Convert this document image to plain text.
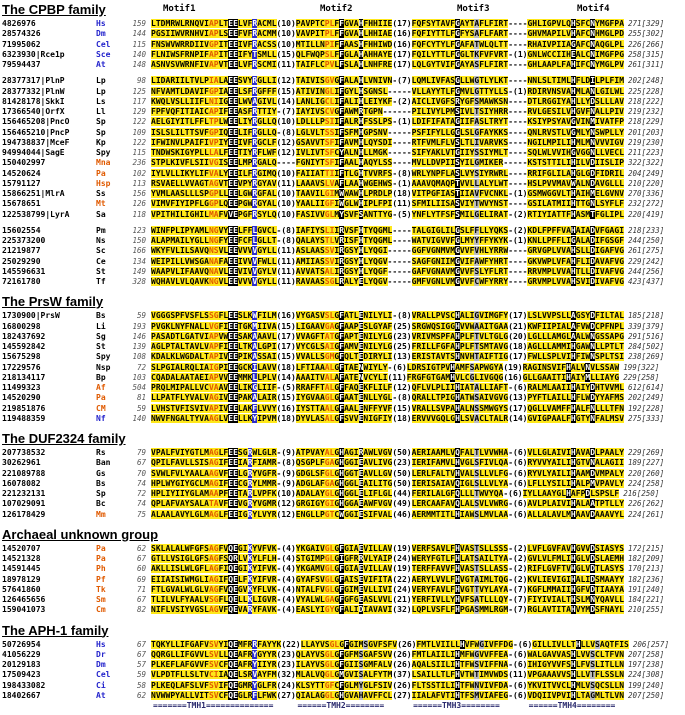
Motif1	Motif2	Motif3	Motif4
The CPBP family
4826976	Hs	159 LTDMRWLRNQVIAPLTEELVFRACML(10)PAVPTCPLFFGVAHFHHIIE(17)FQFSYTAVFGAYTAFLFIRT----GHLIGPVLQHSFCNYMGFPA 271[329]
28574326	Dm	144 PGSIIWVRNHVIAPLSEEFVFRACMM(10)VAVPITPLFFGVAHLHHIAE(16)FQFIYTTLFGFYSAFLFART----GHVMAPILVHAFCNHMGLPD 255[302]
71995062	Cel	115 FNSWVWRRDIIVGPITEEIVFRACSS(10)MTILLNPIFFAASHFHHIWD(16)FQFCYTYLFGAFATWLQLTT----RHAIVPIIAGAFCNAQGLPL 226[266]
6323930|Rce1p	Sce	140 FLNIWSFRNPIFAPITEEIFYTSMLL(15)QLFWQPSLFFGLAHAHHAYE(17)FQILYTTLFGGLTKFVFVRT-(1)GNLWCCIIHEALCNIMGFPG 258[315]
79594437	At	148 ASNVSVWRNFIVAPVTEELVFRSCMI(11)TAIFLCPVLFSLAHLNHFRE(17)LQLGYTVIFGAYASFLFIRT----GHLAAPLFAHIFCNYMGLPV 261[311]
28377317|PlnP	Lp	98 LIDARIILTVLPIALAEESVYRGLLI(12)TAIVISGVGFALAHLVNIVN-(7)LQMLIVFASGLLWGTLYLKT----NNLSLTIMLHFLDILPLFIM 202[248]
28377332|PlnW	Lp	125 NFVAMTLDAVIFGPIAEELSFRGFFF(15)ATIVINGLIFGYLHSGNSL-----VLLAYYTLFGMVLGTTYLLS-(1)RDIRVNSVAHMLANLGILWL 225[228]
81428178|SkkI	Ls	117 KWQLVSLLIIFLNIIGEELWVAGIVL(14)LANLIGCLIFALIHLEIYKF-(2)AICLIVGFSRYGFSMAWKSN----DTLRGGIYAHLLYDSLLLAV 218[222]
17366540|OrfX	Ll	129 FPFVQFITIAICAPIFEEASFRTTIY-(7)IAYIVSCVGFAWMRTGPN------PILIVYLPMSIVLTSIYHRR----RVLGESILVHGVFNALLPIV 219[232]
156465208|PncO	Sp	122 AELGIYITLFFLTPLWEELIYRGLLQ(10)LDLLLPSIIFALRHFSSLPS-(1)LDIFIFATAGIIFASLTRYT----KSIYPSYAVGVINMIVATFP 218[229]
156465210|PncP	Sp	109 ISLSLILTTSVFGPIQEELIFRGLLQ-(8)LGLVLTSSIFSFMHGPSNV-----PSFIFYLLGGLSLGFAYKKS----QNLRVSTLVGMLYNSWPLLY 201[203]
194738837|MceF	Kp	122 IFWINVLPAIFIVPIYEEIVFRGCLF(12)GSAVVTSFIFAVMHLQYSDI----RTFVMLFLVSLTLIVARVKS----NGILMPILIHMLMNVVVIGV 219[230]
94994044|SagE	Spy	115 TNDWSKIGYPLLLALFEETIYRFLWF(12)IVLIVTSFCYALNHLLMGK-----SIFYAKLVTGIIYSSIYMLT----SQLWLVVIHGVGGNLLVECL 211[223]
150402997	Mna	236 STPLKIVFLSIIVGISEELMPRGALQ----FGNIYTSFIFAALHAQYLSS----MVLLDVPIISYILGMIKER-----KSTSTTILIHILVDIISLIP 322[322]
14520624	Pa	102 IYLVLLIKYLIFVALYEEILFRGIMQ(10)FAIIATTIIFTLGHTVVRFS-(8)WRLYNPFLASLVYSIYRWRL----RRIFGLILAHGLGDFIDRIL 204[249]
15791127	Hsp	113 RSVAELLVVAGTAGVTEEVPYRGYAV(11)LAAAVSLVAFLAAHWGEHWS-(1)AAAVQMAQPTVVLLALYLWT----HSLPVVMAVWALNDAVGLLL 210[220]
15866251|MlrA	Ss	156 YVMLAASLLLSPGPLLEELGWRGFAL(10)TAAVILGIMWWAWHLPRDLP(18)VITPGFIASTIIAVFVCNKL-(1)GSMWGGVLTHAIHMELGVNV 270[336]
15678651	Mt	126 VIMVFIYIPFLGGPLQEEPGWRGYAL(10)YAALIIGFIWGLWHIPLFPI(11)SFMILIISASVIYTWVYNST----GSILATMIIHTTGNLSYFLF 232[272]
122538799|LyrA	Sa	118 VPITHILIGHILMAFVVEPGFRSYLQ(10)FASIVVGLMYSVFSANTTYG-(5)YNFLYTFSFSMILGELIRAT-(2)RTIYIATTFHASMTFGLIPL 220[419]
15602554	Pm	123 WINFPLIPYAMLNGVYEELFFLGVCL-(8)IAFIYSLIIRVSFHTYQGML----TALGIGLILGSLFFLLYQKS-(2)KDLFPFFVAHAIADVFGAGI 218[233]
225373200	Ns	150 ALAPMAILYGLLNGFYEEFCFLGLLT-(8)QALAYSTLVRISFHTYQGML----WATVIGVVFGLMYYFFYKYK-(1)KNLLPFFLIGALADIFGSGF 244[250]
21219877	Sc	166 WKYFVLILSAVQNSVLEEVVVVGYLL(11)ASLAASSVIRGSYHLYQGI-----GGFVGNMVMGVVFVHLYRRW----GRVGPLVVAHSLLDIGAFVG 261[275]
25029290	Ce	134 WEIPILLVWSGANAFAEEIVVVFWLL(11)AMIIASSVIRGSYHLYQGV-----SAGFGNIIMGVIFAWFYHRT----GKVWPLVFAHFLIDAVAFVG 229[242]
145596631	St	149 WAAPVLIFAAVQNAVLEEVIVVGYLV(11)AVVATSALIRGSYHLYQGF-----GAFVGNAVMGVVFSLYFLRT----RRVMPLVVAHTLLDIVAFVG 244[256]
72161780	Tf	328 WQHAVLVLQAVKNGVLEEVVVVGYLL(11)RAVAASSGLRALYELYQGV-----GMFVGNLVMGVVFCWFYRRY----GRVMPLVVAHSVIDIVAFVG 423[437]
The PrsW family
1730900|PrsW	Bs	59 VGGGSPFVSFLSSGFLEESLKWFILM(16)VYGASVSLGFATLENILYLI-(8)VRALLPVSCHALIGVIMGFY(17)LSLVVPSLLAGSYDFILTAL 185[218]
16800298	Li	193 PVGKLNYFNALLVGFIEETGKMIIVA(15)LIGAAVGAGFAAPESLGYAF(25)SRGWQSIGGHVVWAAITGAA(21)KWFIIPIALAFVWDCPFNPL 339[379]
182437692	Sg	146 PASADTLGATVIAPVWEESAKAAAVL(17)VVAGFTATGFAPTENILYLG(23)VRIVMSPFAHPLFTVLTGLG(20)LGLLLAMGLAALWNGSSAPG 291[516]
145592842	St	139 AGLPTALTAVLVAPFIEELTKALGPI(17)VYCGLSAIGFAMVENILYLG(25)FRILLFGFAHPLFTSMTAVG(18)AGLLLAMMIHGAWNLLPTLT 284[502]
15675298	Spy	108 KDALKLWGDALTAPIVEEPIKASSAI(15)VVALLSGMGFQLTEDIRYLI(13)ERISTAVTSHNVHTAIFTIG(17)FWLLSPLVIHFIWNSPLTSI 238[269]
17229576	Nsp	72 SLPGIALRQLIAIGPIEEGCKILAVV(18)LFTIAAALGFTAENWIYLY-(6)LDRSIGTPVHAMFSAPWGYA(19)RAGINSVIFHALVNVLSSAW 199[322]
218134117	Bp	103 CQADALAATAEIAPVVEEMMKLLPLV(14)AAAITVALAFATENVCYLI(11)FRGFGTGAMHVLCGLIVGQG(16)GLLGAAITIHAIYMLLIAYG 229[258]
11499323	Af	504 PRQLMIPALLVCVAAVEELIKGLIIF-(5)RRAFFTALGFFAQEKFLILF(12)QFLVLPLIIHIATALLIAFT-(6)RALMLAAIIHAIYDHTVVML 612[614]
14520290	Pa	81 LLPATFLYVALVAGIVEEPAKALAIR(15)IYGVAAGLGFAATENLLYGL-(8)QRALLTPIGHATWSAIVGVG(13)PYFTLAILLHFLWDYYAFMS 202[249]
219851876	CM	59 LVHSTVFISVIVAPIVEELAKFLVVY(16)IYSTTAALGFAALENFFYVF(15)VRALLSVPAHALNSSMWGYS(17)QGLLVAMFFHALFNLLLTFN 192[228]
119488359	Nf	140 NWVFNGALTYVAAGLVEELLKYIPVM(18)DYVLASALGFSVVENIGFIY(18)ERVVVGQLGHLSVACLTALR(14)GVIGPAALFHGTYNFALMSV 275[333]
The DUF2324 family
207738532	Rs	79 VPALFVIYGTLMAGLFEESGRWLGLR-(9)ATPVAYALGHAGIRAWLVGV(50)AERIAAMLVQFALTLVVWHA-(6)VLLGLAIVIHAVADLPAALY 229[269]
30262961	Ban	67 QPILFAVLLSISAGIFEEIARFIAMR-(8)QSGPLFGAGHGGIEAVLIVG(23)IERIFAMVLHVGLSFIVLQA-(6)RYVVYAILIHGTVNALAGII 189[227]
221089788	Gs	70 SVWLFVLYAALAAGVFEELGRYVGFR-(9)GDGLSFGLGHGGTEAVLLGV(50)LERLFALTVHVALSLLVLFG-(6)RYVLYAILIHAAMDVMPALY 220[260]
16078082	Bs	74 HPLWYGIYGCLMAGIFEECGRYLMMR-(9)ADGLAFGAGHGGLEAILITG(50)IERISAIAVQIGLSLLVLYA-(6)LFLLYSILIHALPMVPAVLY 224[258]
221232131	Sp	72 HPLIYIIYGLAMAAPFEETARLVPFK(10)ADALAYGLGHGGLELIFLGL(44)FERILALGFQLLLTWVYQA-(6)IYLLAAYGLHAFPDLSPSLF 216[250]
107029091	Bc	74 QPLAFVAYSALATAVFEEVGRYVGMR(12)GRGIGYGIGHGGAEAWFVGV(49)LERCAAFAVQLALSVLVWRG-(6)AVLPLAIVIHALAATPTLLY 226[262]
126178429	Mm	75 ALAALAVYLGLMAGLFEEIGRYLVYR(12)ENGLLPGTCWGGIESIFVAL(46)AERMMTITLHIAWSLMVLAA-(6)ALLALAVLMHAAVDAAAVYL 224[261]
Archaeal unknown group
14520707	Pa	62 SKLALALWFGFSAGFVQEGIKYVFVK-(4)YKGAIVGLGFGIAEVILLAV(19)VERFSAVLFHVASTSLLSSS-(2)LVFLGVFAVHGVVDSIASYS 172[215]
14521328	Pa	67 GTLLVSIGLGFSAGFSQRLVKYLFLH-(4)STGIMPGLGIGFRRVLYAIP(24)WERYFGTLFHLATSAILTYA-(2)GVLVLFMLIHGLVDSLAEMH 182[209]
14591445	Ph	60 AKLLISLWLGFLAGFIQEGIKYIFVK-(4)YKGAMVGLGFGIAEVILLAV(19)TERFFAVVFHVASTSLLASS-(2)RIFLGVFTVHGLVDTLASYS 170[213]
18978129	Pf	69 EIIAISIWMGLIAGIFQELFKYIFVR-(4)GYAFSVGLGFAISEVIFITA(22)AERYLVVLFHVGTAIMLTQG-(2)KVLIEVIGIHALIDSMAAYY 182[236]
57641860	Tk	71 FTLGVALWLGLVAGFVQEGVKYFLVK-(4)NTALFVGLGFGIMEVLLIVI(24)VERYFAVLFHVGTTVYLAYA-(7)KGFLMMAIIHGFVDTIAAYA 191[240]
126465656	Sm	67 TLILVLFYAALVSGFLQELLKLIGVR-(4)VYALWLGAGFGFGEASLVVL(21)YERFIVLLYHVFSATLLLQY-(7)FIYIVIALTHSLMNYQAVLL 184[221]
159041073	Cm	82 NIFLVSIYVGSLAGVFQEVARYFAVK-(4)EASLYIGYGFALIDIAVAVI(32)LQPLVSFLFHPGASMMLRGM-(7)RGLAVTITAHVYMDSFNAYL 210[255]
The APH-1 family
50726954	Hs	67 TQKYLLIFGAFVSVYIQEMFRRFAYYK(22)LLAYVSGLGFGIMSGVFSFV(26)FMTLVIILLHVFWGIVFFDG-(6)GILLIVLLTHLLVSAQTFIS 206[257]
41056229	Dr	67 QQRGLLIFGVVLSVLLQEAFRYGYYR(23)QLAYVSGLGFGFMSGAFSVV(26)FMTLAIILIHMFWGVVFFEA-(6)WALGAVVASHLVVSCLTFVN 207[258]
20129183	Dm	57 PLKEFLAFGVVFSVCFQEAFRYIIYR(23)ILAYVSGLGFGIISGMFALV(26)AQALSIILIHTFWSVIFFNA-(6)IHIGYVVFSHLFVSLITLLN 197[238]
17509423	Cel	59 VLPDTFLLSLTVCIIAQELSRVAYFM(32)MLALVQGLGMGVISALFYTM(37)LSAILLTLFHVTWTIMVWDS(11)VPGAAAVVSHLLVTFLSSLN 224[308]
198433082	Ci	58 PLKEQLAFSLVFSVIFQEGMRYGLFR(24)KLSYTTGFCFGLMYGLFSIV(26)FLTSSTILIHTFWNVIVFDA-(6)YKVITVVCLHMLVSQCSLLN 199[240]
18402667	At	62 NVWWPYALLVITSVCFQEGLRFLFWK(27)QIALAGGLGHGVAHAVFFCL(27)IIALAFVTIHTFSMVIAFEG-(6)VDQIIVPVIHLTAGMLTLVN 207[250]
=======TMH1==============     ======TMH2========      ======TMH3========      ======TMH4========
